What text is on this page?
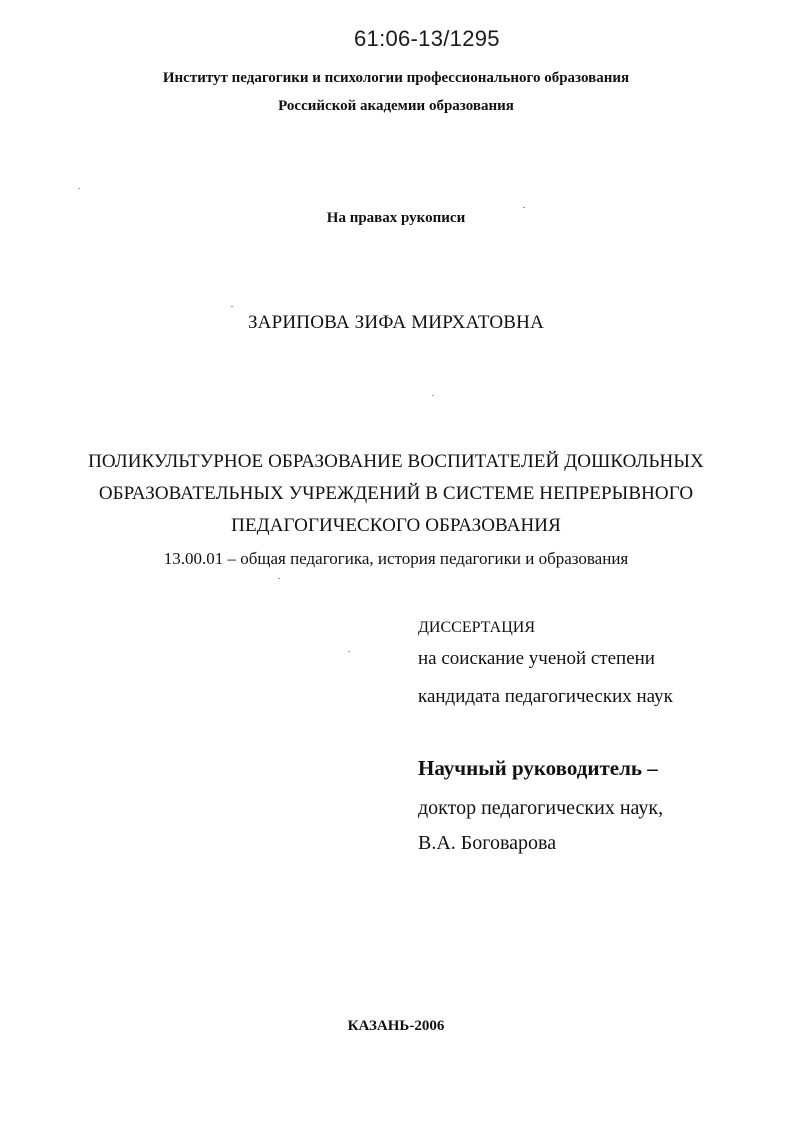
61:06-13/1295
Институт педагогики и психологии профессионального образования
Российской академии образования
На правах рукописи
ЗАРИПОВА ЗИФА МИРХАТОВНА
ПОЛИКУЛЬТУРНОЕ ОБРАЗОВАНИЕ ВОСПИТАТЕЛЕЙ ДОШКОЛЬНЫХ
ОБРАЗОВАТЕЛЬНЫХ УЧРЕЖДЕНИЙ В СИСТЕМЕ НЕПРЕРЫВНОГО
ПЕДАГОГИЧЕСКОГО ОБРАЗОВАНИЯ
13.00.01 – общая педагогика, история педагогики и образования
ДИССЕРТАЦИЯ
на соискание ученой степени
кандидата педагогических наук
Научный руководитель –
доктор педагогических наук,
В.А. Боговарова
КАЗАНЬ-2006
